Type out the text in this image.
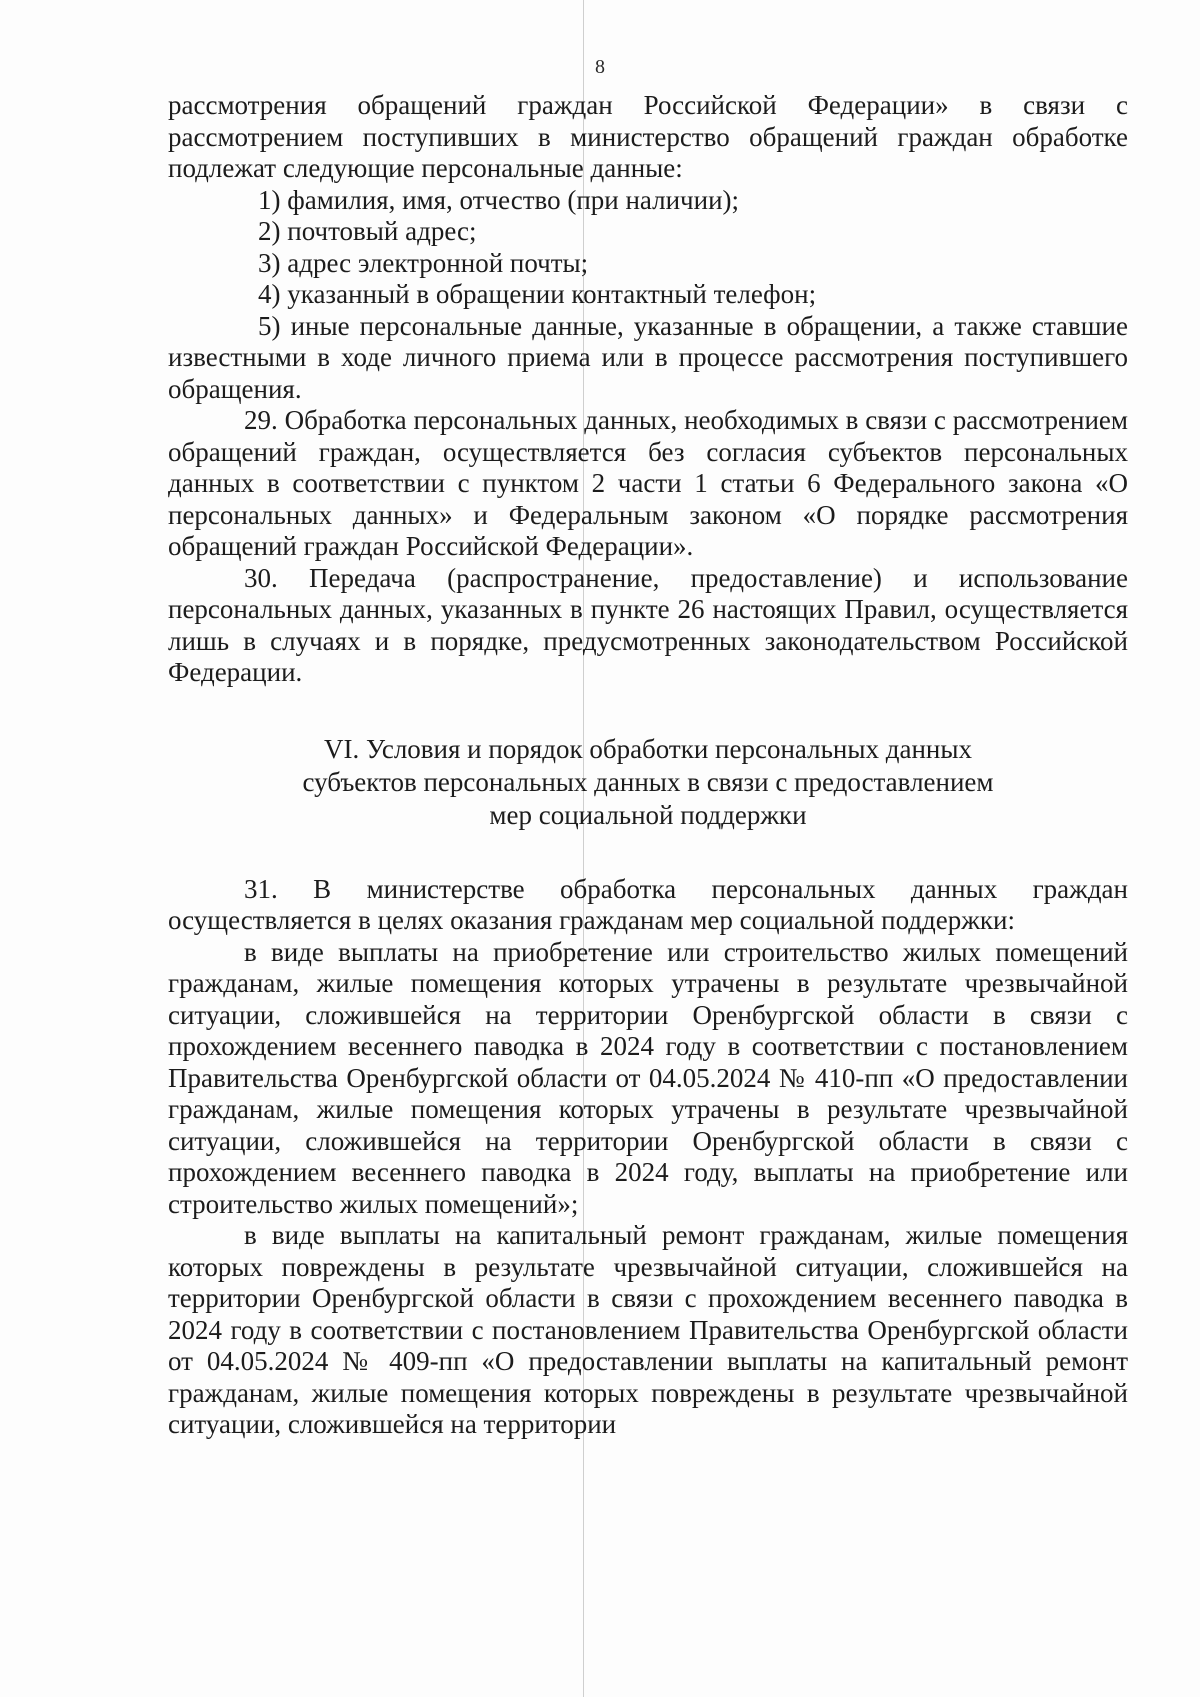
8

рассмотрения обращений граждан Российской Федерации» в связи с рассмотрением поступивших в министерство обращений граждан обработке подлежат следующие персональные данные:

1) фамилия, имя, отчество (при наличии);

2) почтовый адрес;

3) адрес электронной почты;

4) указанный в обращении контактный телефон;

5) иные персональные данные, указанные в обращении, а также ставшие известными в ходе личного приема или в процессе рассмотрения поступившего обращения.

29. Обработка персональных данных, необходимых в связи с рассмотрением обращений граждан, осуществляется без согласия субъектов персональных данных в соответствии с пунктом 2 части 1 статьи 6 Федерального закона «О персональных данных» и Федеральным законом «О порядке рассмотрения обращений граждан Российской Федерации».

30. Передача (распространение, предоставление) и использование персональных данных, указанных в пункте 26 настоящих Правил, осуществляется лишь в случаях и в порядке, предусмотренных законодательством Российской Федерации.

VI. Условия и порядок обработки персональных данных
субъектов персональных данных в связи с предоставлением
мер социальной поддержки

31. В министерстве обработка персональных данных граждан осуществляется в целях оказания гражданам мер социальной поддержки:

в виде выплаты на приобретение или строительство жилых помещений гражданам, жилые помещения которых утрачены в результате чрезвычайной ситуации, сложившейся на территории Оренбургской области в связи с прохождением весеннего паводка в 2024 году в соответствии с постановлением Правительства Оренбургской области от 04.05.2024 № 410-пп «О предоставлении гражданам, жилые помещения которых утрачены в результате чрезвычайной ситуации, сложившейся на территории Оренбургской области в связи с прохождением весеннего паводка в 2024 году, выплаты на приобретение или строительство жилых помещений»;

в виде выплаты на капитальный ремонт гражданам, жилые помещения которых повреждены в результате чрезвычайной ситуации, сложившейся на территории Оренбургской области в связи с прохождением весеннего паводка в 2024 году в соответствии с постановлением Правительства Оренбургской области от 04.05.2024 № 409-пп «О предоставлении выплаты на капитальный ремонт гражданам, жилые помещения которых повреждены в результате чрезвычайной ситуации, сложившейся на территории
